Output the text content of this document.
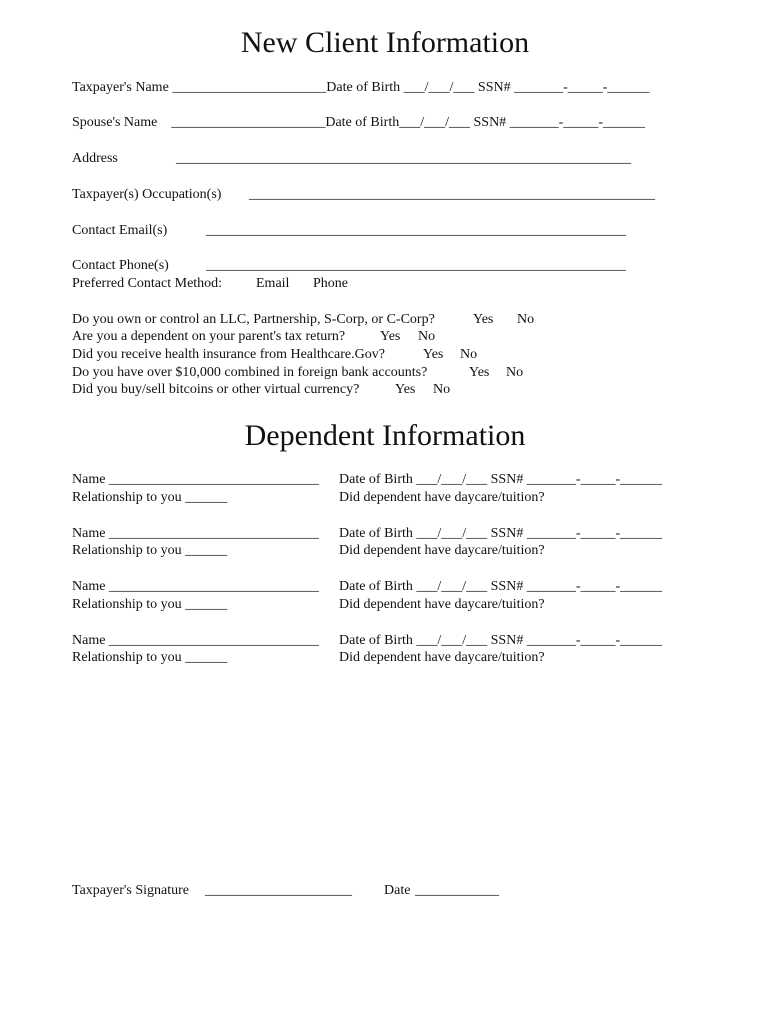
New Client Information
Taxpayer's Name ______________________Date of Birth ___/___/___ SSN# _______-_____-______
Spouse's Name    ______________________Date of Birth___/___/___ SSN# _______-_____-______
Address	_________________________________________________________________
Taxpayer(s) Occupation(s) __________________________________________________________
Contact Email(s)	____________________________________________________________
Contact Phone(s)	____________________________________________________________
Preferred Contact Method: Email Phone
Do you own or control an LLC, Partnership, S-Corp, or C-Corp?	Yes No
Are you a dependent on your parent's tax return? Yes No
Did you receive health insurance from Healthcare.Gov?	Yes No
Do you have over $10,000 combined in foreign bank accounts?	Yes No
Did you buy/sell bitcoins or other virtual currency?	Yes No
Dependent Information
Name ______________________________ Date of Birth ___/___/___ SSN# _______-_____-______
Relationship to you ______	Did dependent have daycare/tuition?
Name ______________________________ Date of Birth ___/___/___ SSN# _______-_____-______
Relationship to you ______	Did dependent have daycare/tuition?
Name ______________________________ Date of Birth ___/___/___ SSN# _______-_____-______
Relationship to you ______	Did dependent have daycare/tuition?
Name ______________________________ Date of Birth ___/___/___ SSN# _______-_____-______
Relationship to you ______	Did dependent have daycare/tuition?
Taxpayer's Signature _____________________ Date ____________
